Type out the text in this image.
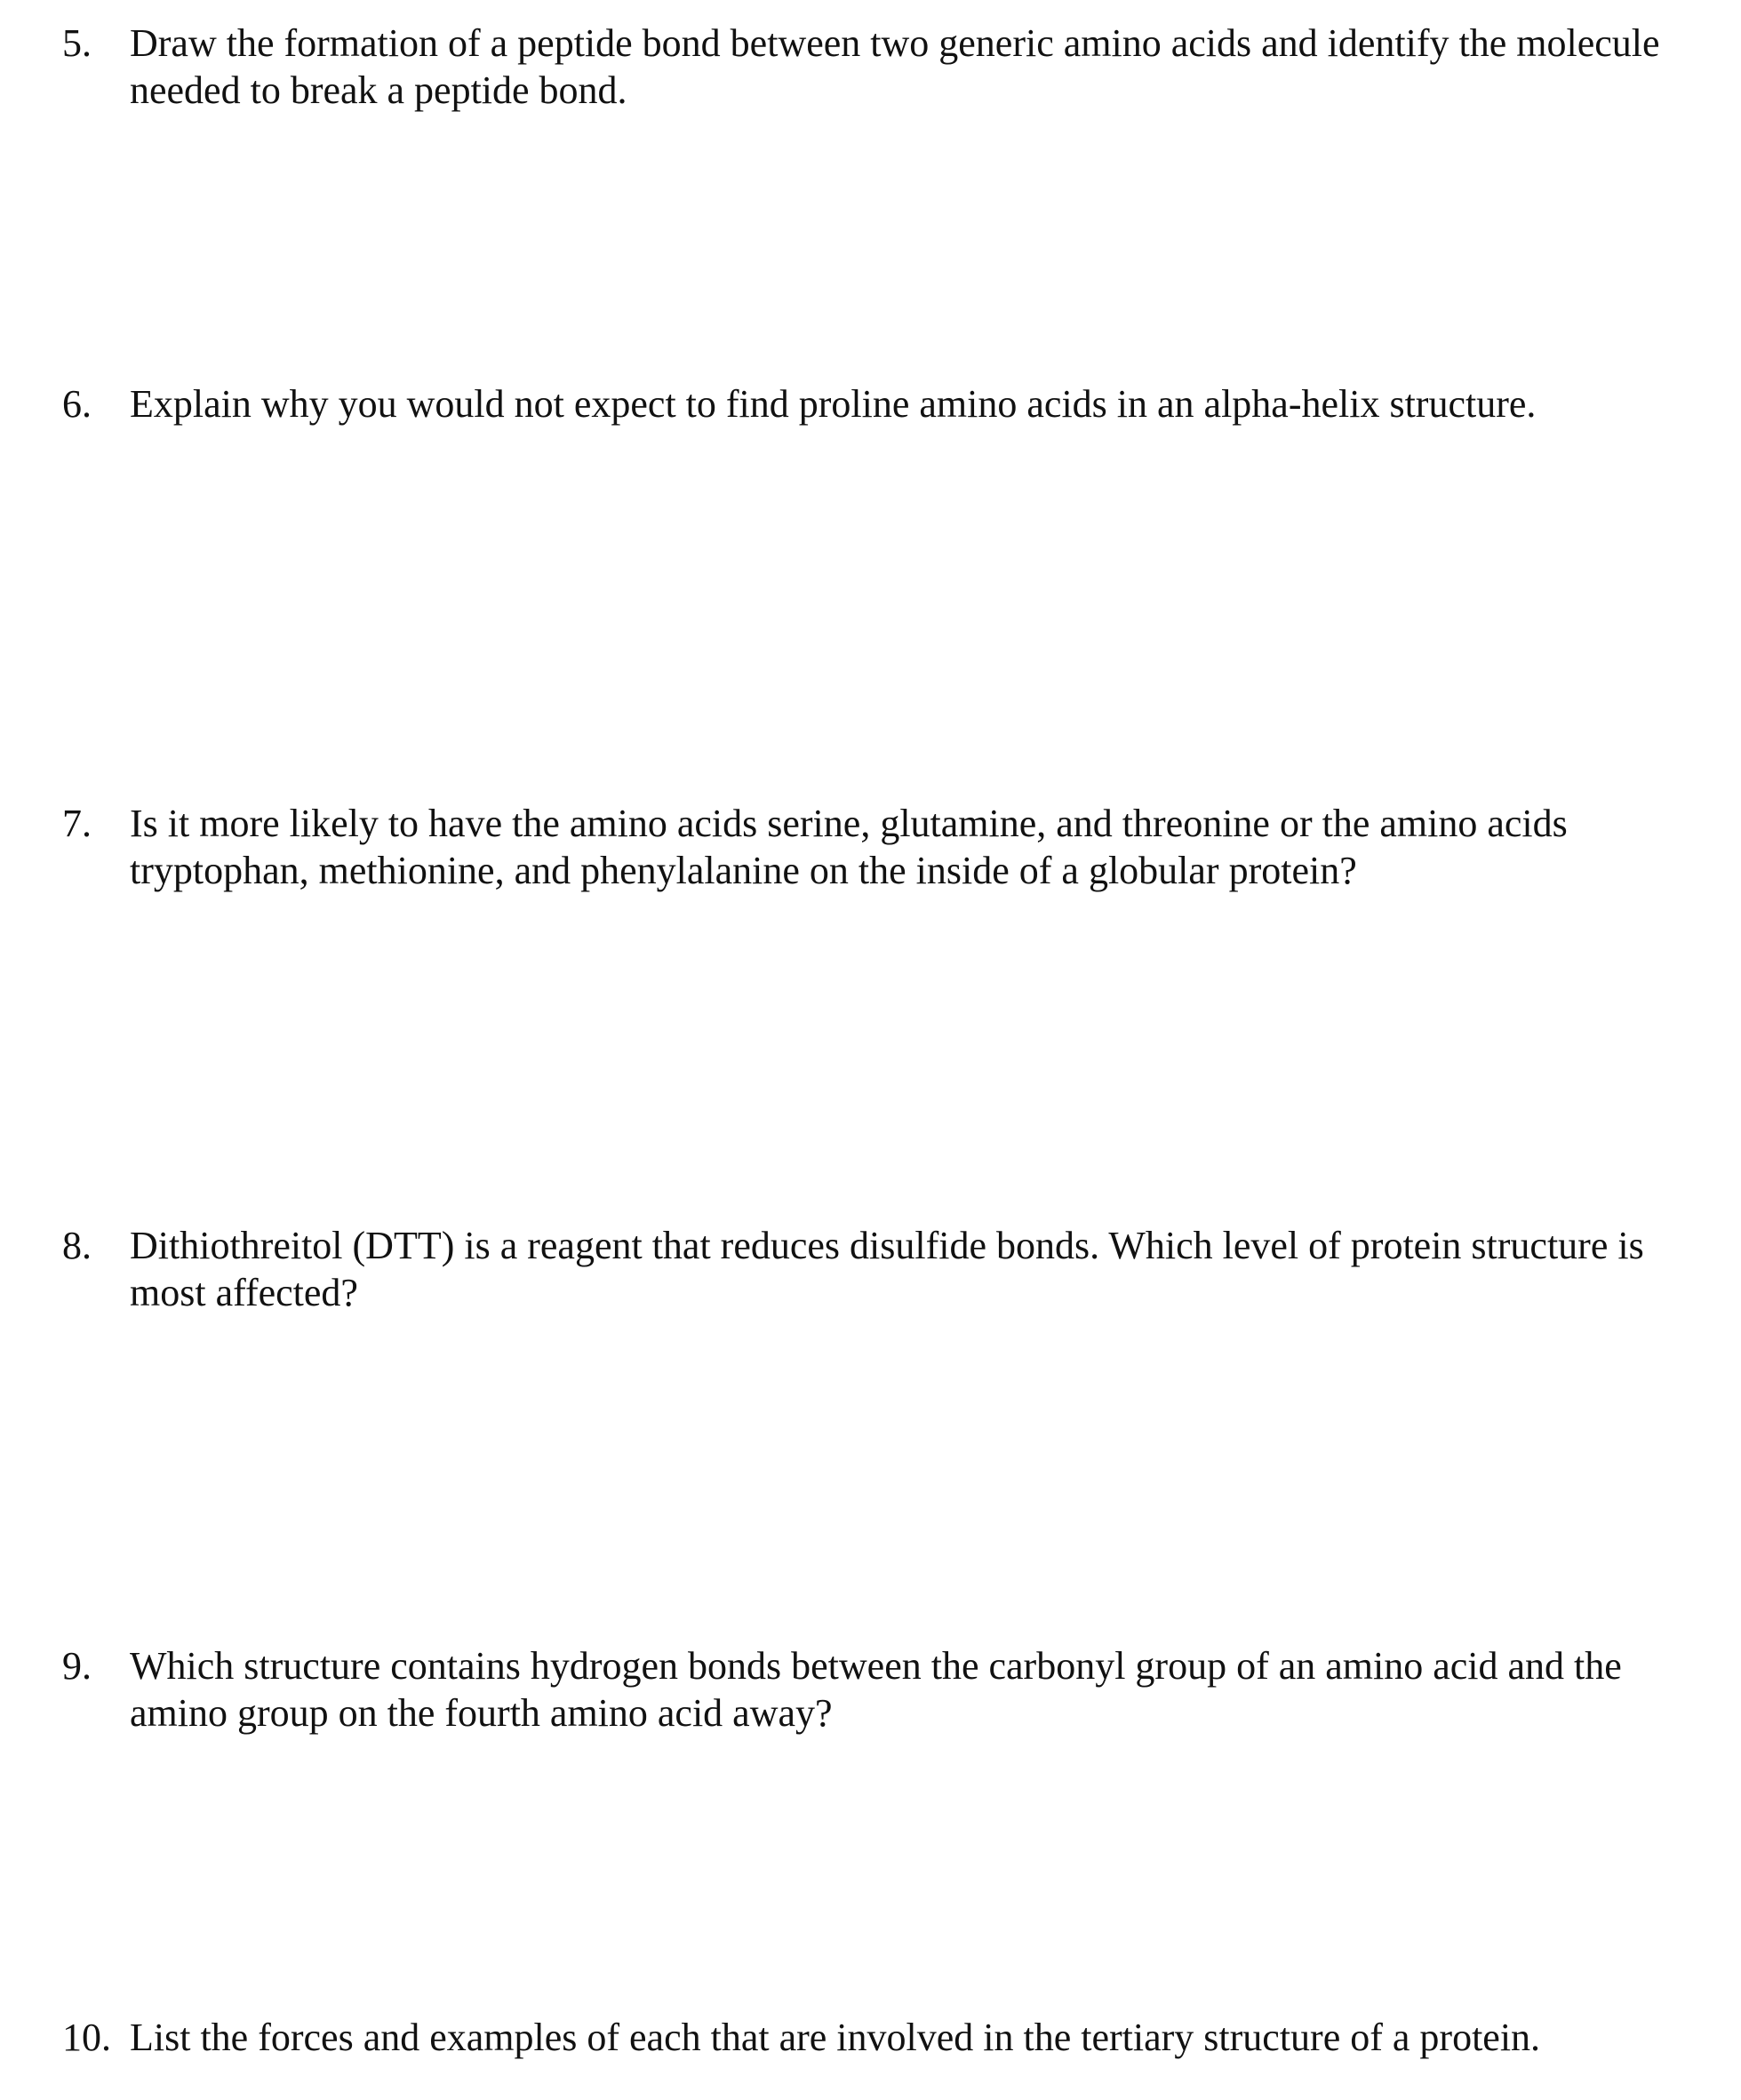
5. Draw the formation of a peptide bond between two generic amino acids and identify the molecule
needed to break a peptide bond.
6. Explain why you would not expect to find proline amino acids in an alpha-helix structure.
7. Is it more likely to have the amino acids serine, glutamine, and threonine or the amino acids
tryptophan, methionine, and phenylalanine on the inside of a globular protein?
8. Dithiothreitol (DTT) is a reagent that reduces disulfide bonds. Which level of protein structure is
most affected?
9. Which structure contains hydrogen bonds between the carbonyl group of an amino acid and the
amino group on the fourth amino acid away?
10. List the forces and examples of each that are involved in the tertiary structure of a protein.
